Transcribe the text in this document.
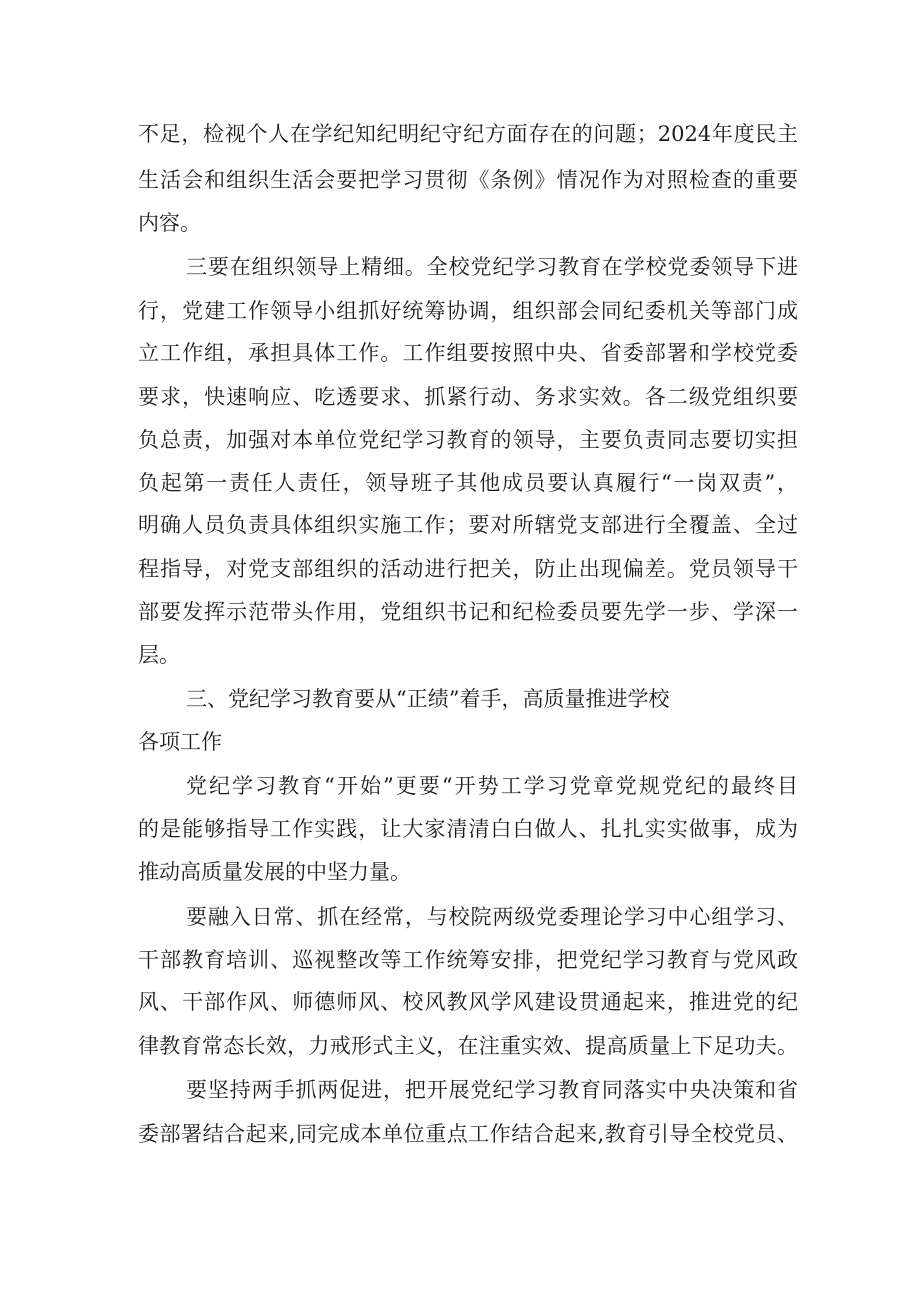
不足，检视个人在学纪知纪明纪守纪方面存在的问题；2024年度民主
生活会和组织生活会要把学习贯彻《条例》情况作为对照检查的重要
内容。
三要在组织领导上精细。全校党纪学习教育在学校党委领导下进
行，党建工作领导小组抓好统筹协调，组织部会同纪委机关等部门成
立工作组，承担具体工作。工作组要按照中央、省委部署和学校党委
要求，快速响应、吃透要求、抓紧行动、务求实效。各二级党组织要
负总责，加强对本单位党纪学习教育的领导，主要负责同志要切实担
负起第一责任人责任，领导班子其他成员要认真履行“一岗双责”，
明确人员负责具体组织实施工作；要对所辖党支部进行全覆盖、全过
程指导，对党支部组织的活动进行把关，防止出现偏差。党员领导干
部要发挥示范带头作用，党组织书记和纪检委员要先学一步、学深一
层。
三、党纪学习教育要从“正绩”着手，高质量推进学校
各项工作
党纪学习教育“开始”更要“开势工学习党章党规党纪的最终目
的是能够指导工作实践，让大家清清白白做人、扎扎实实做事，成为
推动高质量发展的中坚力量。
要融入日常、抓在经常，与校院两级党委理论学习中心组学习、
干部教育培训、巡视整改等工作统筹安排，把党纪学习教育与党风政
风、干部作风、师德师风、校风教风学风建设贯通起来，推进党的纪
律教育常态长效，力戒形式主义，在注重实效、提高质量上下足功夫。
要坚持两手抓两促进，把开展党纪学习教育同落实中央决策和省
委部署结合起来,同完成本单位重点工作结合起来,教育引导全校党员、
